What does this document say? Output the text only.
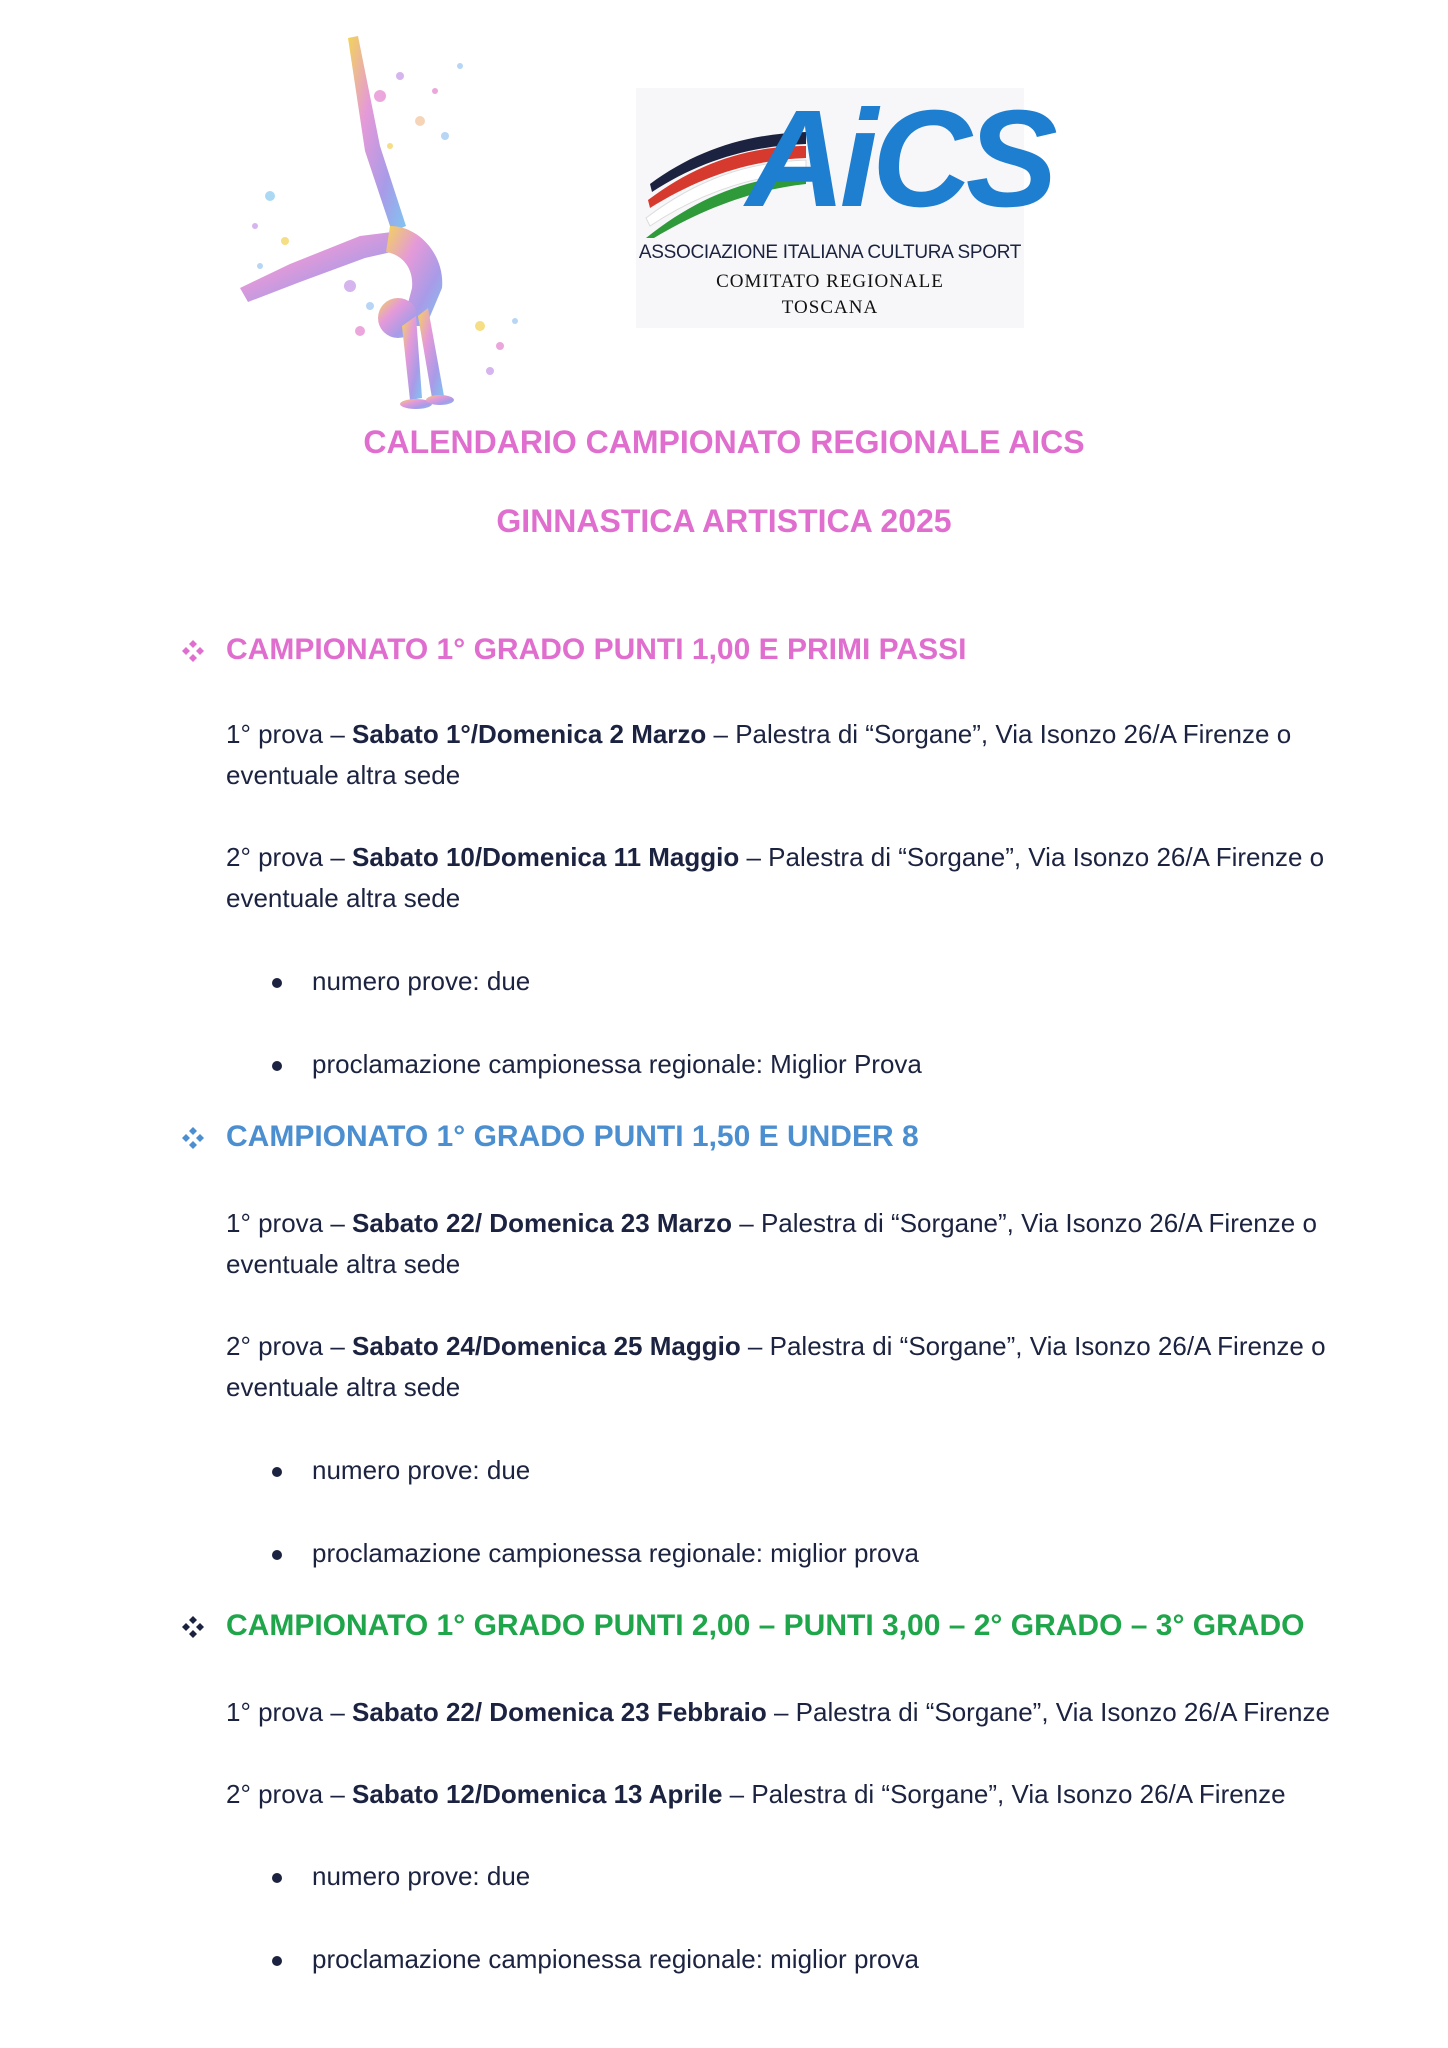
AiCS
ASSOCIAZIONE ITALIANA CULTURA SPORT
COMITATO REGIONALE
TOSCANA
CALENDARIO CAMPIONATO REGIONALE AICS
GINNASTICA ARTISTICA 2025
CAMPIONATO 1° GRADO PUNTI 1,00 E PRIMI PASSI
1° prova – Sabato 1°/Domenica 2 Marzo – Palestra di “Sorgane”, Via Isonzo 26/A Firenze o eventuale altra sede
2° prova – Sabato 10/Domenica 11 Maggio – Palestra di “Sorgane”, Via Isonzo 26/A Firenze o eventuale altra sede
numero prove: due
proclamazione campionessa regionale: Miglior Prova
CAMPIONATO 1° GRADO PUNTI 1,50 E UNDER 8
1° prova – Sabato 22/ Domenica 23 Marzo – Palestra di “Sorgane”, Via Isonzo 26/A Firenze o eventuale altra sede
2° prova – Sabato 24/Domenica 25 Maggio – Palestra di “Sorgane”, Via Isonzo 26/A Firenze o eventuale altra sede
numero prove: due
proclamazione campionessa regionale: miglior prova
CAMPIONATO 1° GRADO PUNTI 2,00 – PUNTI 3,00 – 2° GRADO – 3° GRADO
1° prova – Sabato 22/ Domenica 23 Febbraio – Palestra di “Sorgane”, Via Isonzo 26/A Firenze
2° prova – Sabato 12/Domenica 13 Aprile – Palestra di “Sorgane”, Via Isonzo 26/A Firenze
numero prove: due
proclamazione campionessa regionale: miglior prova
